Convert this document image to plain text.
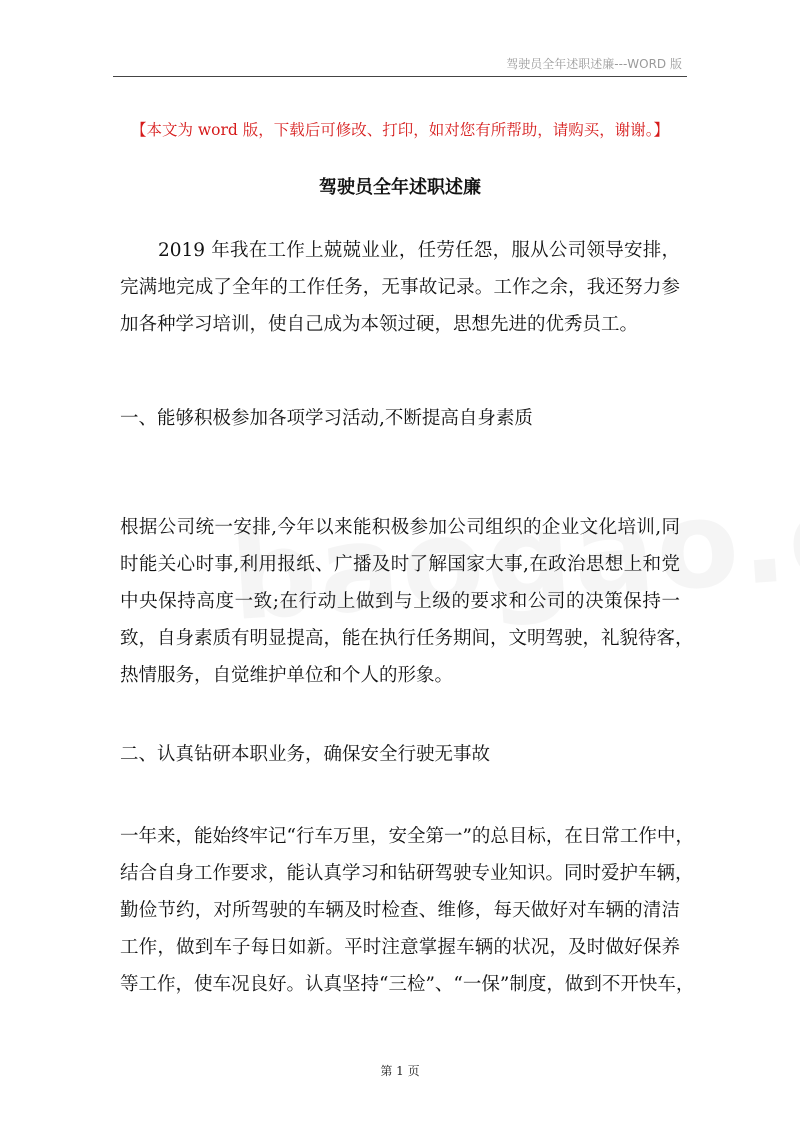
驾驶员全年述职述廉---WORD 版
【本文为 word 版，下载后可修改、打印，如对您有所帮助，请购买，谢谢。】
驾驶员全年述职述廉
2019 年我在工作上兢兢业业，任劳任怨，服从公司领导安排，
完满地完成了全年的工作任务，无事故记录。工作之余，我还努力参
加各种学习培训，使自己成为本领过硬，思想先进的优秀员工。
一、能够积极参加各项学习活动,不断提高自身素质
根据公司统一安排,今年以来能积极参加公司组织的企业文化培训,同
时能关心时事,利用报纸、广播及时了解国家大事,在政治思想上和党
中央保持高度一致;在行动上做到与上级的要求和公司的决策保持一
致，自身素质有明显提高，能在执行任务期间，文明驾驶，礼貌待客，
热情服务，自觉维护单位和个人的形象。
二、认真钻研本职业务，确保安全行驶无事故
一年来，能始终牢记“行车万里，安全第一”的总目标，在日常工作中，
结合自身工作要求，能认真学习和钻研驾驶专业知识。同时爱护车辆，
勤俭节约，对所驾驶的车辆及时检查、维修，每天做好对车辆的清洁
工作，做到车子每日如新。平时注意掌握车辆的状况，及时做好保养
等工作，使车况良好。认真坚持“三检”、“一保”制度，做到不开快车，
第 1 页
